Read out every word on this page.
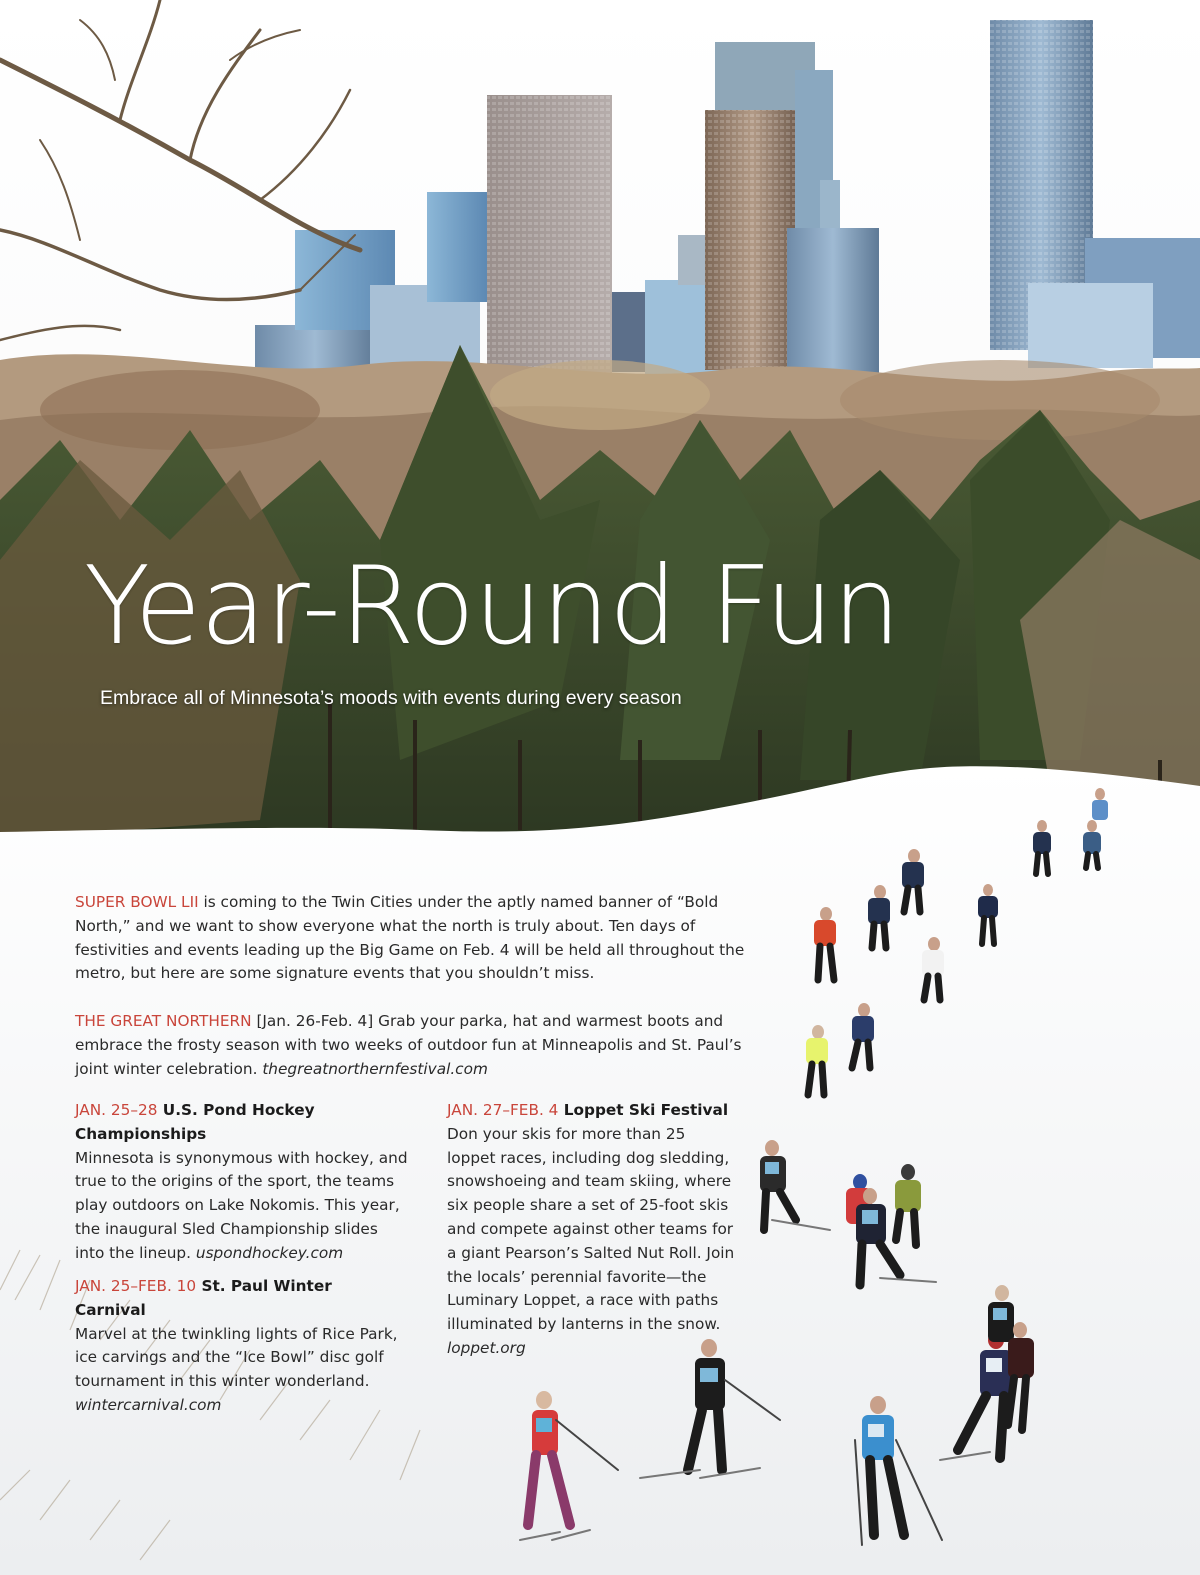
Year-Round Fun
Embrace all of Minnesota’s moods with events during every season

SUPER BOWL LII is coming to the Twin Cities under the aptly named banner of “Bold North,” and we want to show everyone what the north is truly about. Ten days of festivities and events leading up the Big Game on Feb. 4 will be held all throughout the metro, but here are some signature events that you shouldn’t miss.

THE GREAT NORTHERN [Jan. 26-Feb. 4] Grab your parka, hat and warmest boots and embrace the frosty season with two weeks of outdoor fun at Minneapolis and St. Paul’s joint winter celebration. thegreatnorthernfestival.com

JAN. 25–28 U.S. Pond Hockey Championships

Minnesota is synonymous with hockey, and true to the origins of the sport, the teams play outdoors on Lake Nokomis. This year, the inaugural Sled Championship slides into the lineup. uspondhockey.com

JAN. 25–FEB. 10 St. Paul Winter Carnival

Marvel at the twinkling lights of Rice Park, ice carvings and the “Ice Bowl” disc golf tournament in this winter wonderland. wintercarnival.com

JAN. 27–FEB. 4 Loppet Ski Festival

Don your skis for more than 25 loppet races, including dog sledding, snowshoeing and team skiing, where six people share a set of 25-foot skis and compete against other teams for a giant Pearson’s Salted Nut Roll. Join the locals’ perennial favorite—the Luminary Loppet, a race with paths illuminated by lanterns in the snow. loppet.org
